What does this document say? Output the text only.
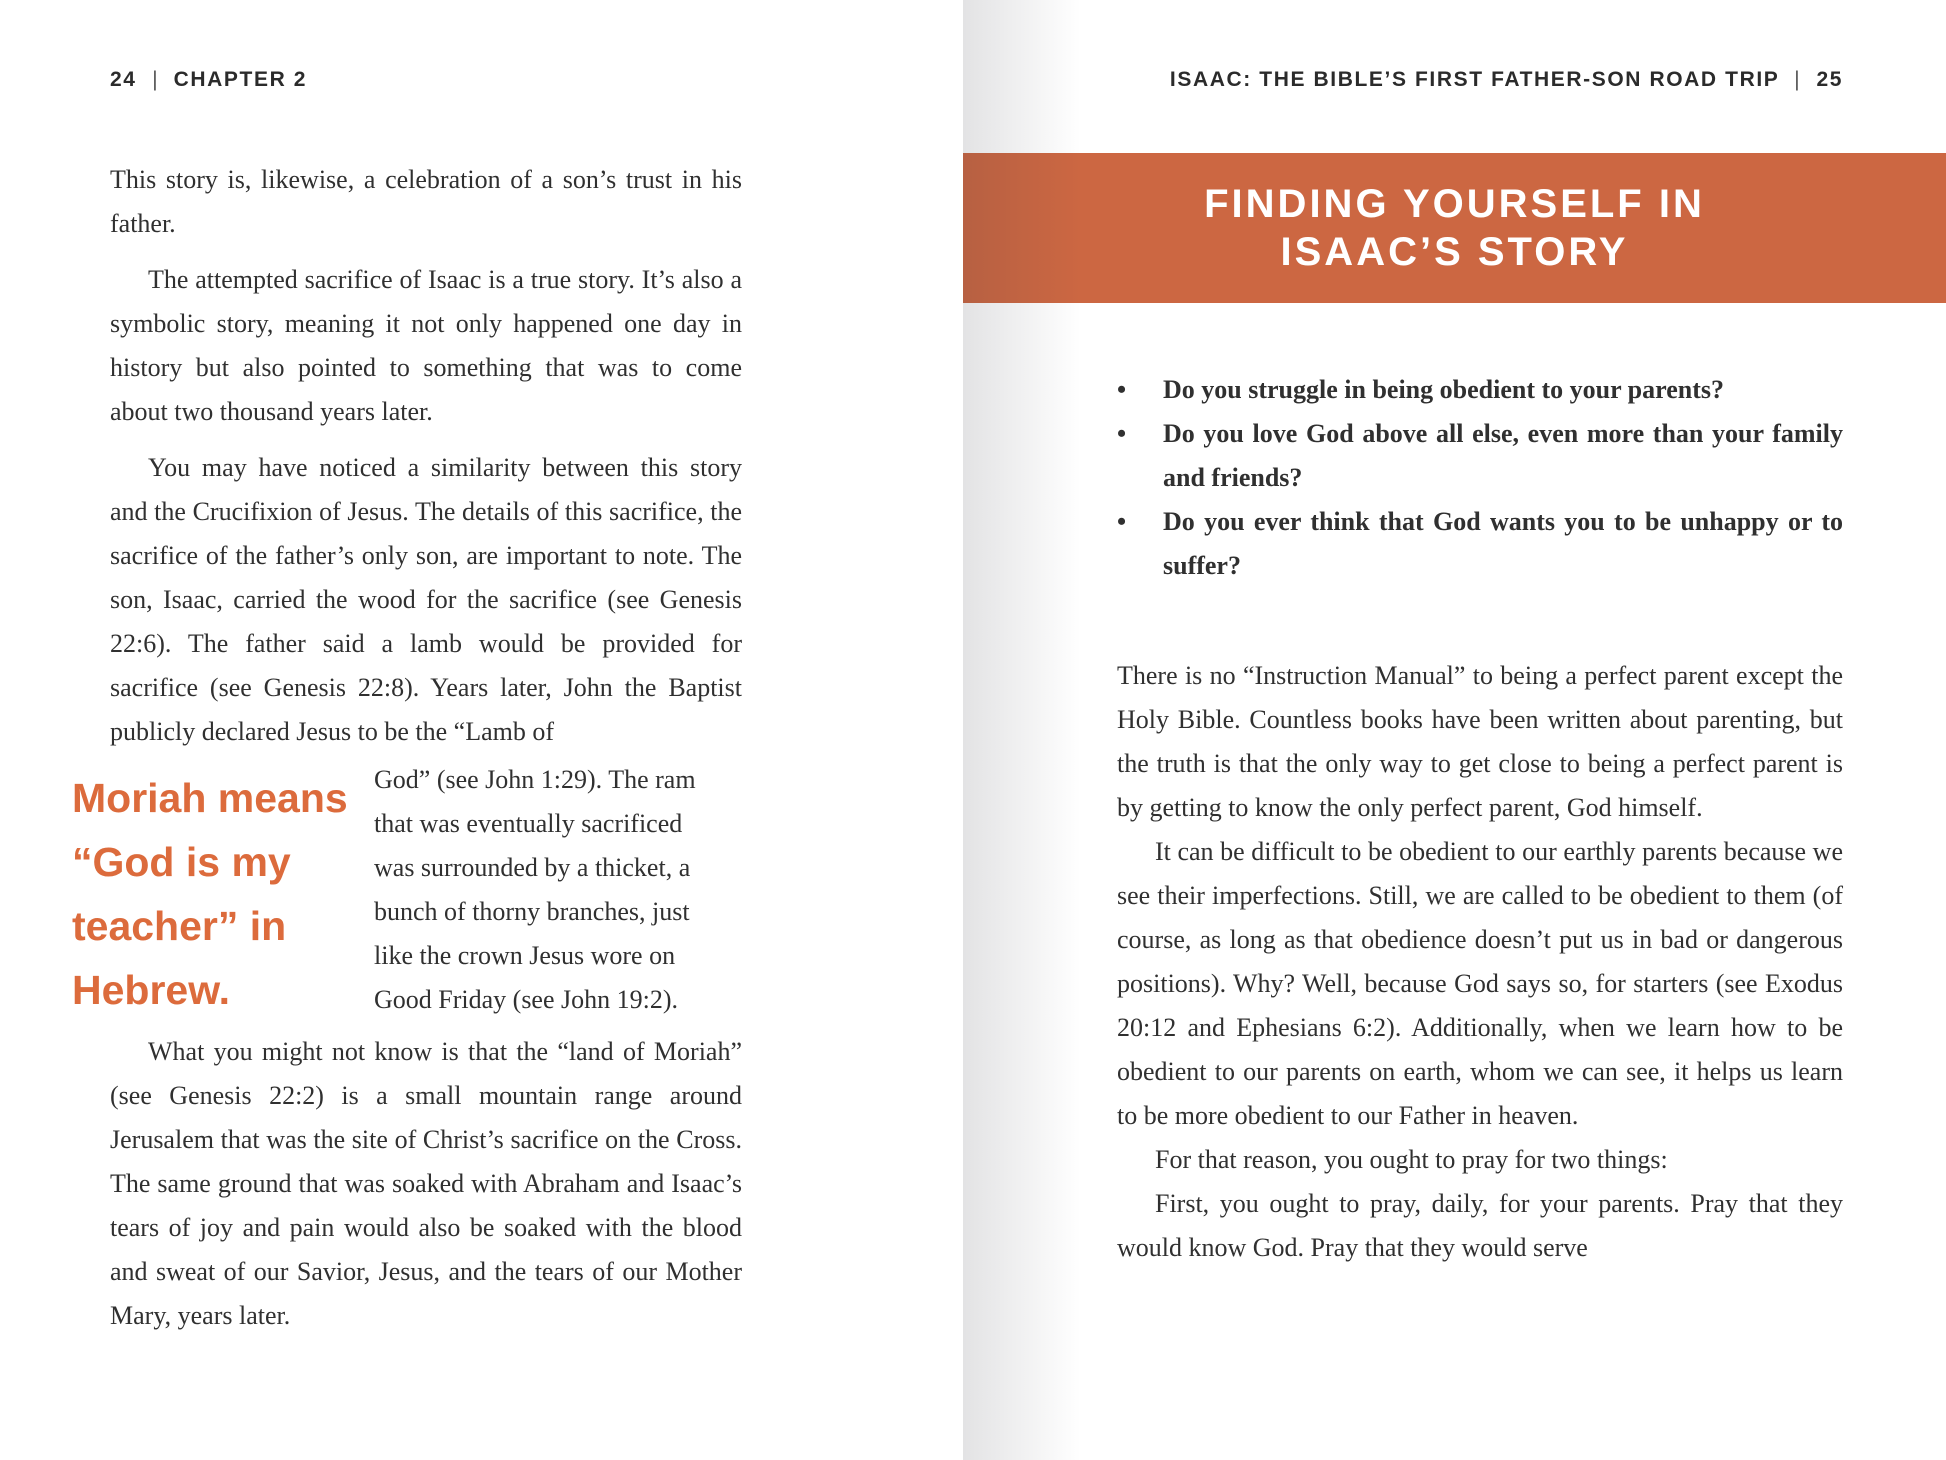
24 | CHAPTER 2

This story is, likewise, a celebration of a son’s trust in his father.

The attempted sacrifice of Isaac is a true story. It’s also a symbolic story, meaning it not only happened one day in history but also pointed to something that was to come about two thousand years later.

You may have noticed a similarity between this story and the Crucifixion of Jesus. The details of this sacrifice, the sacrifice of the father’s only son, are important to note. The son, Isaac, carried the wood for the sacrifice (see Genesis 22:6). The father said a lamb would be provided for sacrifice (see Genesis 22:8). Years later, John the Baptist publicly declared Jesus to be the “Lamb of

Moriah means
“God is my
teacher” in
Hebrew.
God” (see John 1:29). The ram
that was eventually sacrificed
was surrounded by a thicket, a
bunch of thorny branches, just
like the crown Jesus wore on
Good Friday (see John 19:2).

What you might not know is that the “land of Moriah” (see Genesis 22:2) is a small mountain range around Jerusalem that was the site of Christ’s sacrifice on the Cross. The same ground that was soaked with Abraham and Isaac’s tears of joy and pain would also be soaked with the blood and sweat of our Savior, Jesus, and the tears of our Mother Mary, years later.

ISAAC: THE BIBLE’S FIRST FATHER-SON ROAD TRIP | 25
FINDING YOURSELF IN
ISAAC’S STORY
•	Do you struggle in being obedient to your parents?
•	Do you love God above all else, even more than your family and friends?
•	Do you ever think that God wants you to be unhappy or to suffer?

There is no “Instruction Manual” to being a perfect parent except the Holy Bible. Countless books have been written about parenting, but the truth is that the only way to get close to being a perfect parent is by getting to know the only perfect parent, God himself.

It can be difficult to be obedient to our earthly parents because we see their imperfections. Still, we are called to be obedient to them (of course, as long as that obedience doesn’t put us in bad or dangerous positions). Why? Well, because God says so, for starters (see Exodus 20:12 and Ephesians 6:2). Additionally, when we learn how to be obedient to our parents on earth, whom we can see, it helps us learn to be more obedient to our Father in heaven.

For that reason, you ought to pray for two things:

First, you ought to pray, daily, for your parents. Pray that they would know God. Pray that they would serve
